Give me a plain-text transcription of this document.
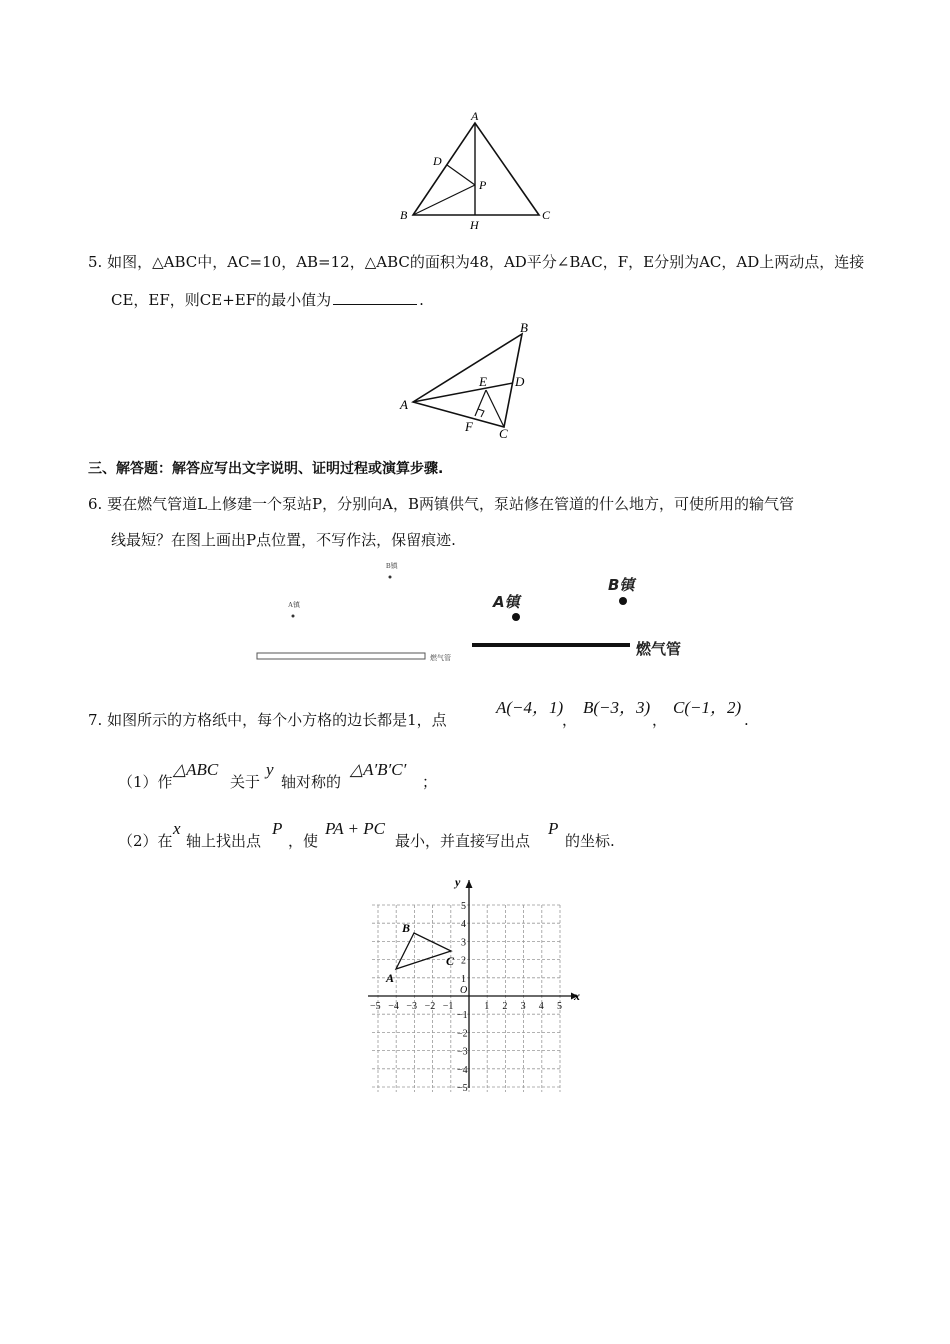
A
D
P
B
H
C
5. 如图，△ABC中，AC=10，AB=12，△ABC的面积为48，AD平分∠BAC，F，E分别为AC，AD上两动点，连接
CE，EF，则CE+EF的最小值为	.
B
E D
A
F C
三、解答题：解答应写出文字说明、证明过程或演算步骤.
6. 要在燃气管道L上修建一个泵站P，分别向A，B两镇供气，泵站修在管道的什么地方，可使所用的输气管
线最短？在图上画出P点位置，不写作法，保留痕迹.
B镇
A镇
燃气管
B镇
A镇
燃气管
7. 如图所示的方格纸中，每个小方格的边长都是1，点
A(−4，1)
，
B(−3，3)
，
C(−1，2)
.
（1）作
△ABC
关于
y
轴对称的
△A′B′C′
；
（2）在
x
轴上找出点
P
，使
PA + PC
最小，并直接写出点
P
的坐标.
−5 −4 −3 −2 −1	1 2 3 4 5
5
4
3
2
1
−1
−2
−3
−4
−5
x
y
O
A
B
C
